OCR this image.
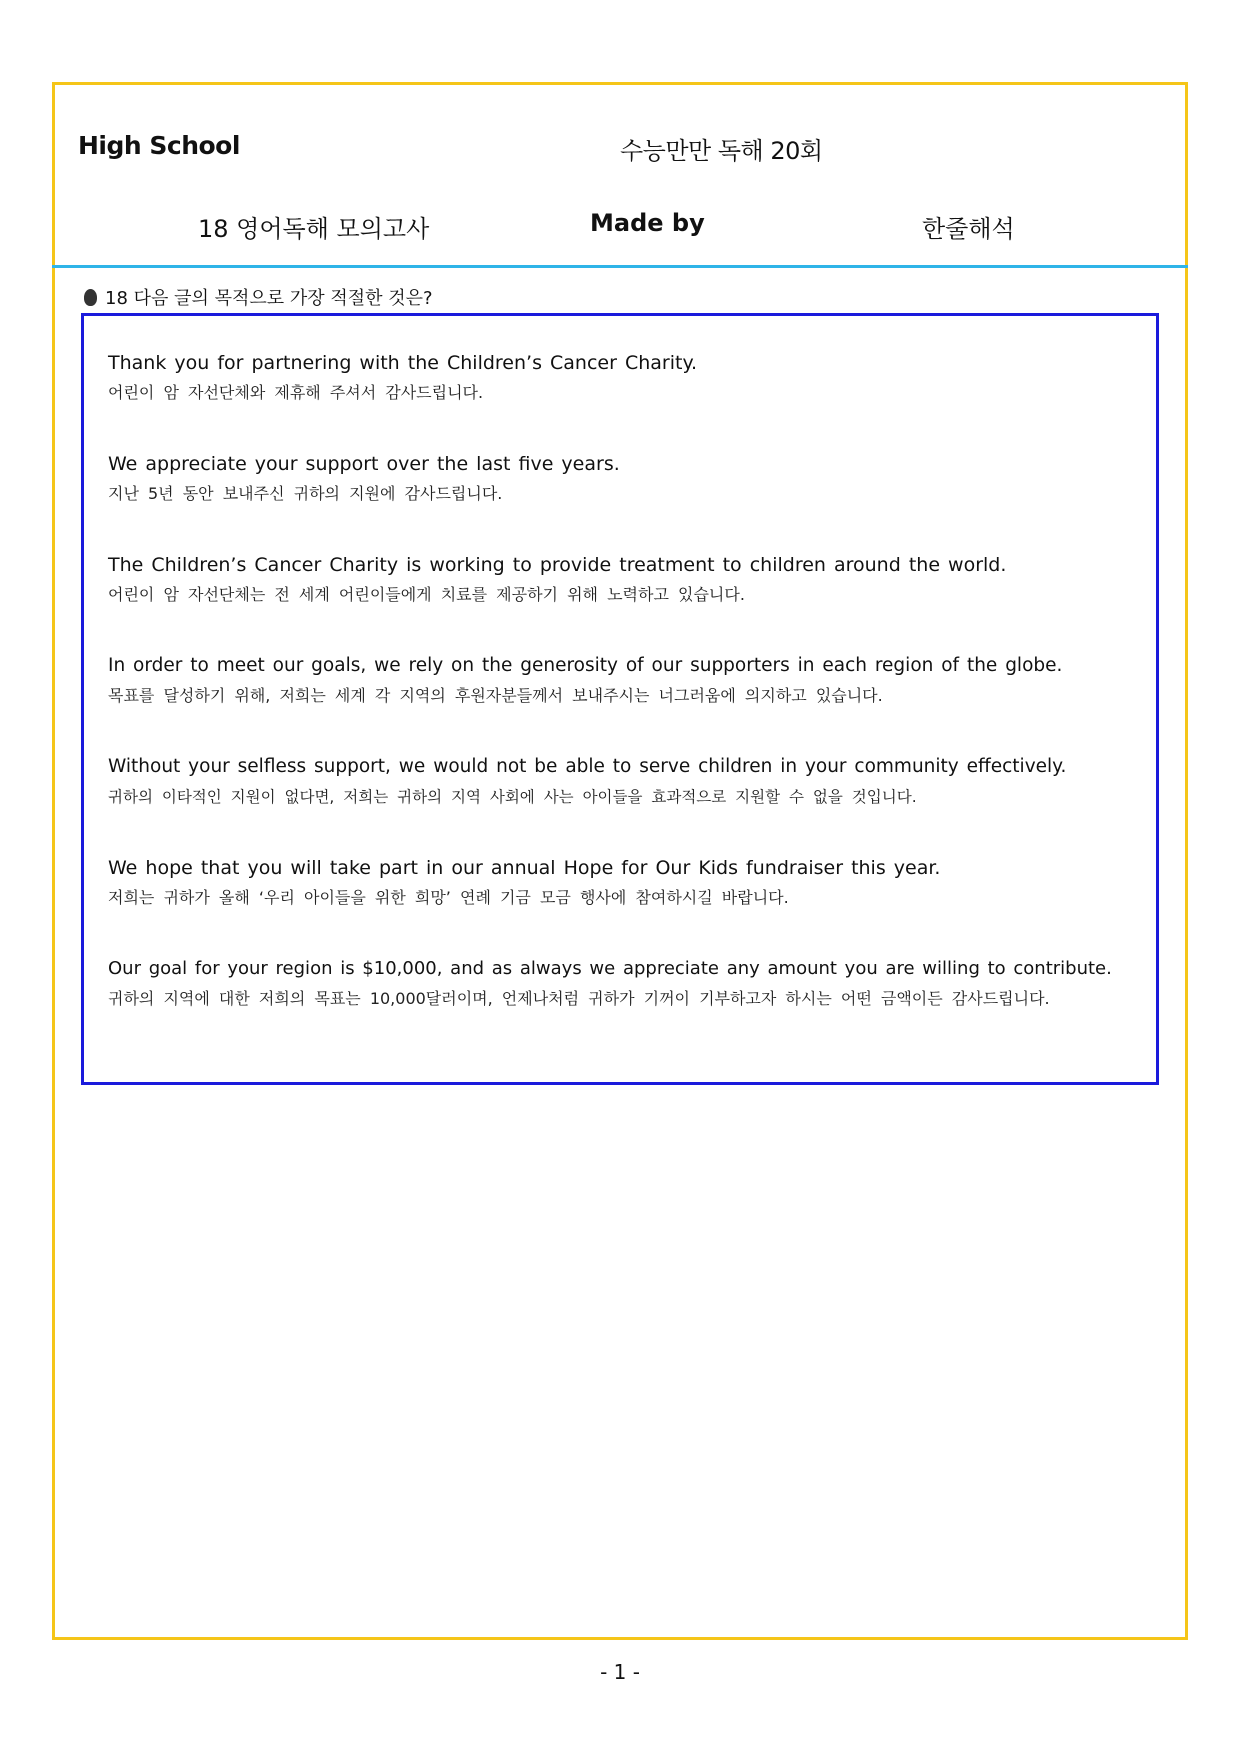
High School	수능만만 독해 20회
18 영어독해 모의고사	Made by	한줄해석
18 다음 글의 목적으로 가장 적절한 것은?
Thank you for partnering with the Children’s Cancer Charity.
어린이 암 자선단체와 제휴해 주셔서 감사드립니다.
We appreciate your support over the last five years.
지난 5년 동안 보내주신 귀하의 지원에 감사드립니다.
The Children’s Cancer Charity is working to provide treatment to children around the world.
어린이 암 자선단체는 전 세계 어린이들에게 치료를 제공하기 위해 노력하고 있습니다.
In order to meet our goals, we rely on the generosity of our supporters in each region of the globe.
목표를 달성하기 위해, 저희는 세계 각 지역의 후원자분들께서 보내주시는 너그러움에 의지하고 있습니다.
Without your selfless support, we would not be able to serve children in your community effectively.
귀하의 이타적인 지원이 없다면, 저희는 귀하의 지역 사회에 사는 아이들을 효과적으로 지원할 수 없을 것입니다.
We hope that you will take part in our annual Hope for Our Kids fundraiser this year.
저희는 귀하가 올해 ‘우리 아이들을 위한 희망’ 연례 기금 모금 행사에 참여하시길 바랍니다.
Our goal for your region is $10,000, and as always we appreciate any amount you are willing to contribute.
귀하의 지역에 대한 저희의 목표는 10,000달러이며, 언제나처럼 귀하가 기꺼이 기부하고자 하시는 어떤 금액이든 감사드립니다.
- 1 -
